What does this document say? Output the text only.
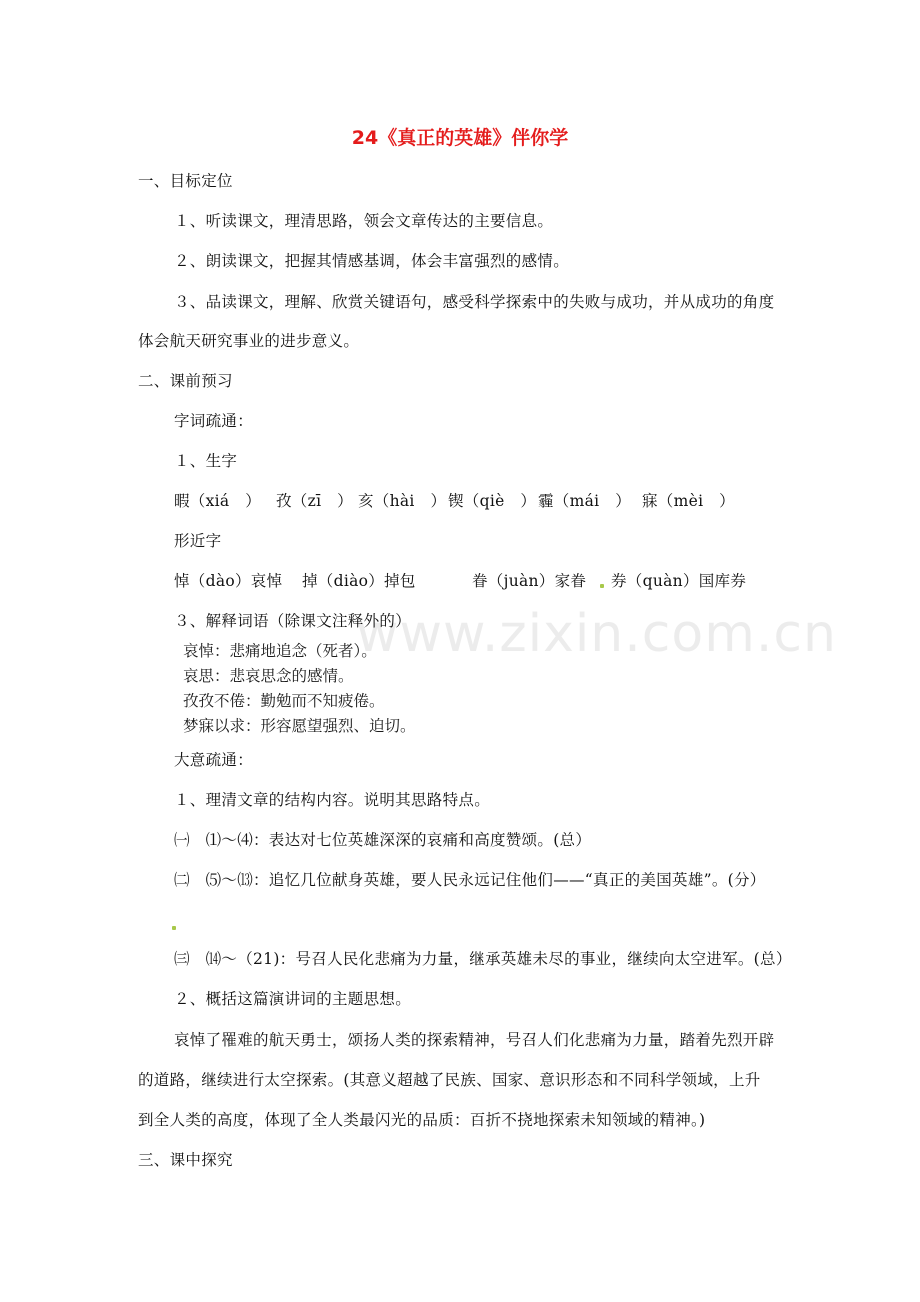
www.zixin.com.cn
24《真正的英雄》伴你学
一、目标定位
１、听读课文，理清思路，领会文章传达的主要信息。
２、朗读课文，把握其情感基调，体会丰富强烈的感情。
３、品读课文，理解、欣赏关键语句，感受科学探索中的失败与成功，并从成功的角度
体会航天研究事业的进步意义。
二、课前预习
字词疏通：
１、生字
暇（xiá　） 孜（zī　） 亥（hài　） 锲（qiè　） 霾（mái　） 寐（mèi　）
形近字
悼（dào）哀悼 掉（diào）掉包	眷（juàn）家眷 券（quàn）国库券
３、解释词语（除课文注释外的）
哀悼：悲痛地追念（死者）。
哀思：悲哀思念的感情。
孜孜不倦：勤勉而不知疲倦。
梦寐以求：形容愿望强烈、迫切。
大意疏通：
１、理清文章的结构内容。说明其思路特点。
㈠　⑴～⑷：表达对七位英雄深深的哀痛和高度赞颂。(总）
㈡　⑸～⒀：追忆几位献身英雄，要人民永远记住他们——“真正的美国英雄”。(分）
㈢　⒁～（21)：号召人民化悲痛为力量，继承英雄未尽的事业，继续向太空进军。(总）
２、概括这篇演讲词的主题思想。
哀悼了罹难的航天勇士，颂扬人类的探索精神，号召人们化悲痛为力量，踏着先烈开辟
的道路，继续进行太空探索。(其意义超越了民族、国家、意识形态和不同科学领域，上升
到全人类的高度，体现了全人类最闪光的品质：百折不挠地探索未知领域的精神。)
三、课中探究
